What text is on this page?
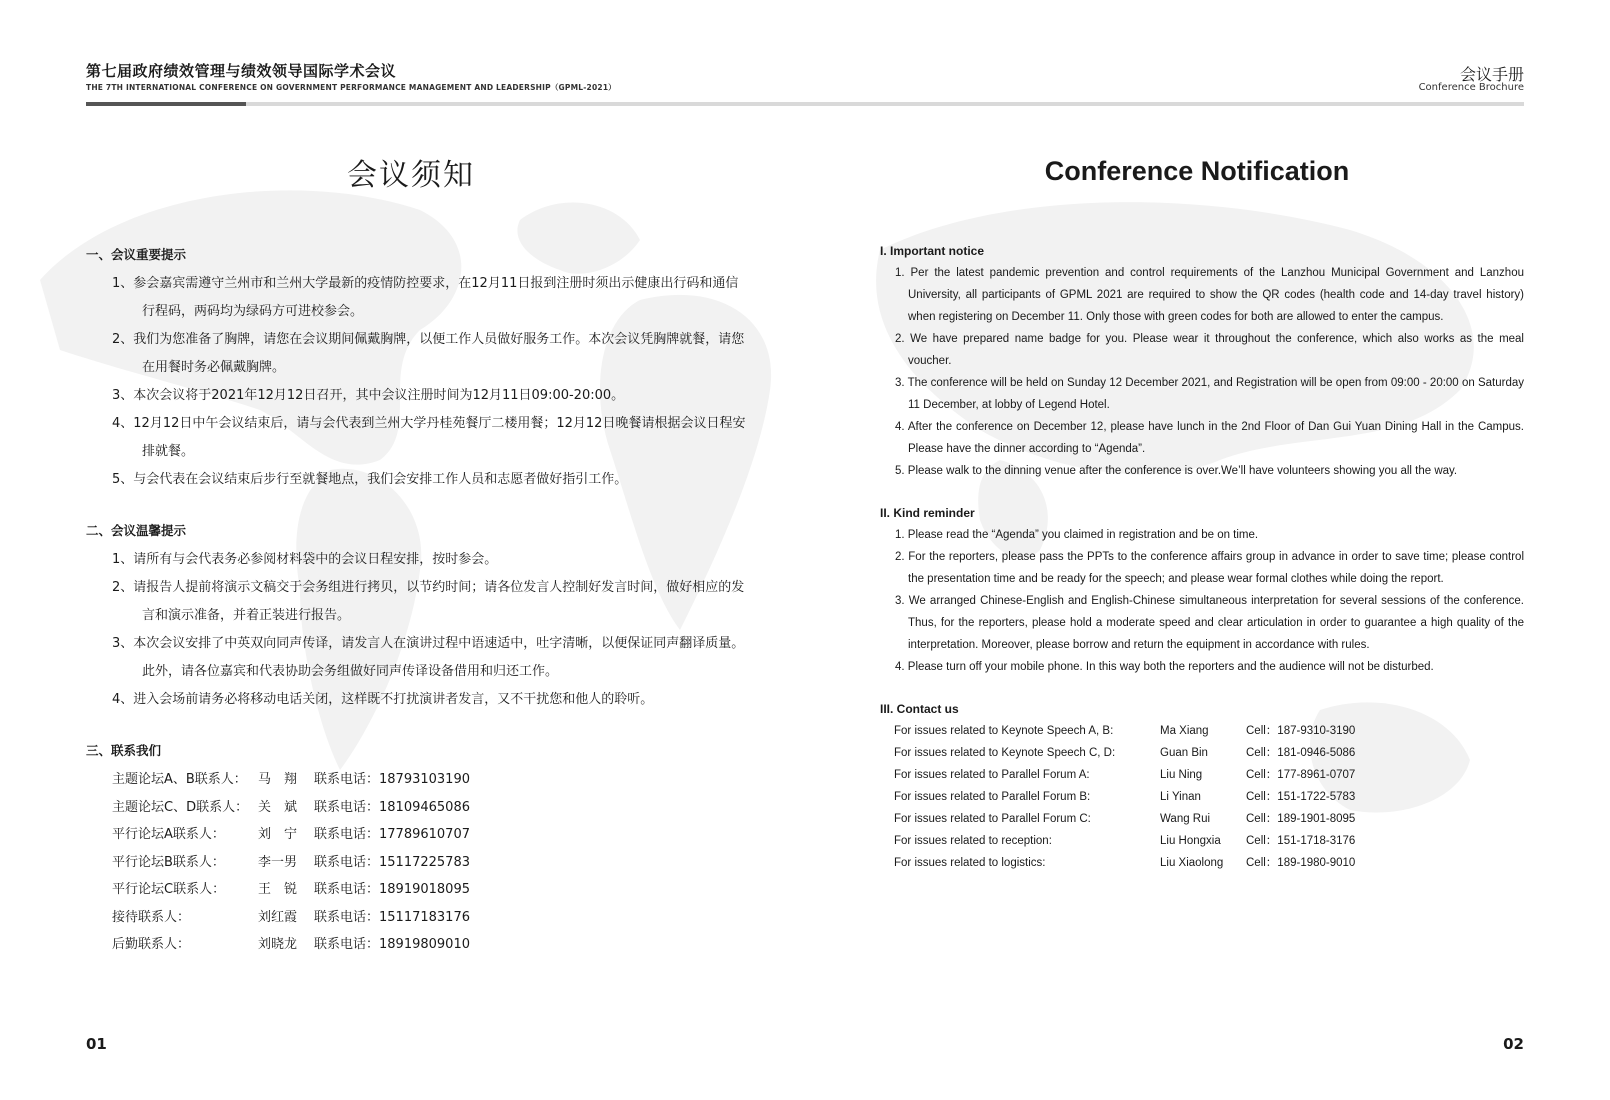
第七届政府绩效管理与绩效领导国际学术会议
THE 7TH INTERNATIONAL CONFERENCE ON GOVERNMENT PERFORMANCE MANAGEMENT AND LEADERSHIP（GPML-2021）
会议手册
Conference Brochure
会议须知

一、会议重要提示

1、参会嘉宾需遵守兰州市和兰州大学最新的疫情防控要求，在12月11日报到注册时须出示健康出行码和通信行程码，两码均为绿码方可进校参会。
2、我们为您准备了胸牌，请您在会议期间佩戴胸牌，以便工作人员做好服务工作。本次会议凭胸牌就餐，请您在用餐时务必佩戴胸牌。
3、本次会议将于2021年12月12日召开，其中会议注册时间为12月11日09:00-20:00。
4、12月12日中午会议结束后，请与会代表到兰州大学丹桂苑餐厅二楼用餐；12月12日晚餐请根据会议日程安排就餐。
5、与会代表在会议结束后步行至就餐地点，我们会安排工作人员和志愿者做好指引工作。

二、会议温馨提示

1、请所有与会代表务必参阅材料袋中的会议日程安排，按时参会。
2、请报告人提前将演示文稿交于会务组进行拷贝，以节约时间；请各位发言人控制好发言时间，做好相应的发言和演示准备，并着正装进行报告。
3、本次会议安排了中英双向同声传译，请发言人在演讲过程中语速适中，吐字清晰，以便保证同声翻译质量。此外，请各位嘉宾和代表协助会务组做好同声传译设备借用和归还工作。
4、进入会场前请务必将移动电话关闭，这样既不打扰演讲者发言，又不干扰您和他人的聆听。

三、联系我们

主题论坛A、B联系人： 马　翔	联系电话：18793103190
主题论坛C、D联系人： 关　斌	联系电话：18109465086
平行论坛A联系人：	刘　宁	联系电话：17789610707
平行论坛B联系人：	李一男	联系电话：15117225783
平行论坛C联系人：	王　锐	联系电话：18919018095
接待联系人：	刘红霞	联系电话：15117183176
后勤联系人：	刘晓龙	联系电话：18919809010
01
Conference Notification

I. Important notice

1. Per the latest pandemic prevention and control requirements of the Lanzhou Municipal Government and Lanzhou University, all participants of GPML 2021 are required to show the QR codes (health code and 14-day travel history) when registering on December 11. Only those with green codes for both are allowed to enter the campus.
2. We have prepared name badge for you. Please wear it throughout the conference, which also works as the meal voucher.
3. The conference will be held on Sunday 12 December 2021, and Registration will be open from 09:00 - 20:00 on Saturday 11 December, at lobby of Legend Hotel.
4. After the conference on December 12, please have lunch in the 2nd Floor of Dan Gui Yuan Dining Hall in the Campus. Please have the dinner according to “Agenda”.
5. Please walk to the dinning venue after the conference is over.We’ll have volunteers showing you all the way.

II. Kind reminder

1. Please read the “Agenda” you claimed in registration and be on time.
2. For the reporters, please pass the PPTs to the conference affairs group in advance in order to save time; please control the presentation time and be ready for the speech; and please wear formal clothes while doing the report.
3. We arranged Chinese-English and English-Chinese simultaneous interpretation for several sessions of the conference. Thus, for the reporters, please hold a moderate speed and clear articulation in order to guarantee a high quality of the interpretation. Moreover, please borrow and return the equipment in accordance with rules.
4. Please turn off your mobile phone. In this way both the reporters and the audience will not be disturbed.

III. Contact us

For issues related to Keynote Speech A, B:	Ma Xiang	Cell：187-9310-3190
For issues related to Keynote Speech C, D:	Guan Bin	Cell：181-0946-5086
For issues related to Parallel Forum A:	Liu Ning	Cell：177-8961-0707
For issues related to Parallel Forum B:	Li Yinan	Cell：151-1722-5783
For issues related to Parallel Forum C:	Wang Rui	Cell：189-1901-8095
For issues related to reception:	Liu Hongxia	Cell：151-1718-3176
For issues related to logistics:	Liu Xiaolong	Cell：189-1980-9010
02
